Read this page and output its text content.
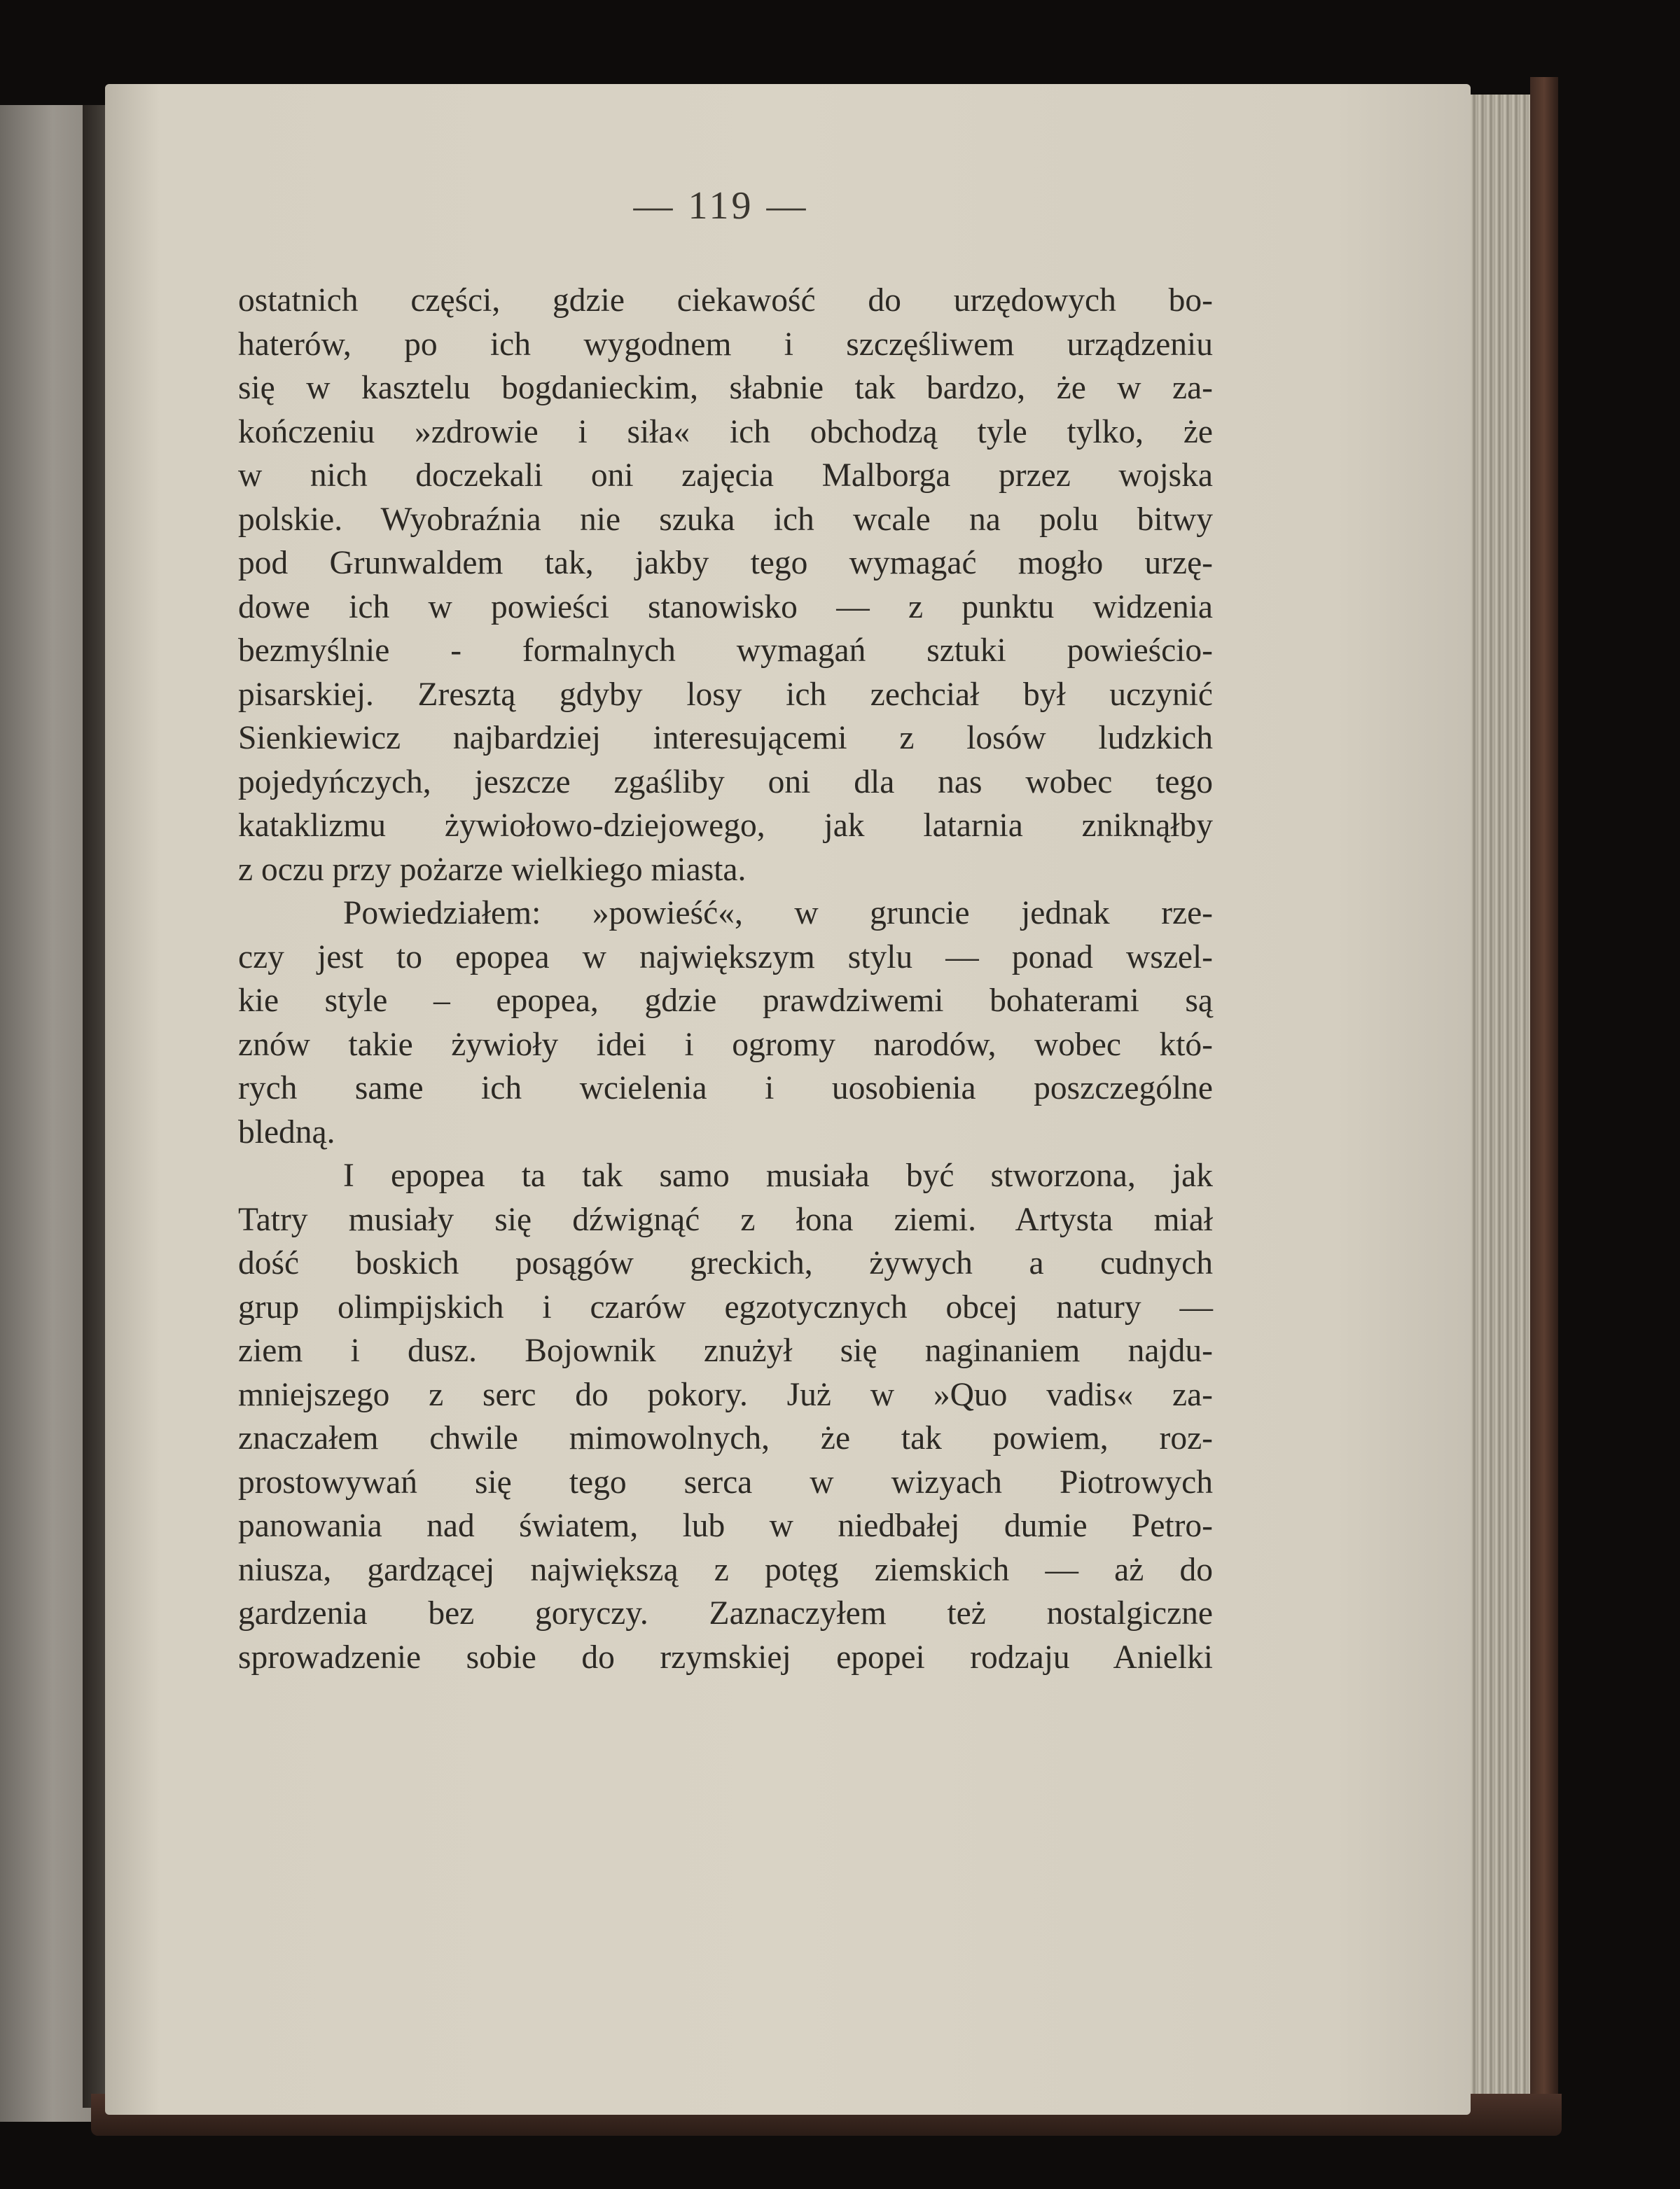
— 119 —
ostatnich części, gdzie ciekawość do urzędowych bo-
haterów, po ich wygodnem i szczęśliwem urządzeniu
się w kasztelu bogdanieckim, słabnie tak bardzo, że w za-
kończeniu »zdrowie i siła« ich obchodzą tyle tylko, że
w nich doczekali oni zajęcia Malborga przez wojska
polskie. Wyobraźnia nie szuka ich wcale na polu bitwy
pod Grunwaldem tak, jakby tego wymagać mogło urzę-
dowe ich w powieści stanowisko — z punktu widzenia
bezmyślnie - formalnych wymagań sztuki powieścio-
pisarskiej. Zresztą gdyby losy ich zechciał był uczynić
Sienkiewicz najbardziej interesującemi z losów ludzkich
pojedyńczych, jeszcze zgaśliby oni dla nas wobec tego
kataklizmu żywiołowo-dziejowego, jak latarnia zniknąłby
z oczu przy pożarze wielkiego miasta.
Powiedziałem: »powieść«, w gruncie jednak rze-
czy jest to epopea w największym stylu — ponad wszel-
kie style – epopea, gdzie prawdziwemi bohaterami są
znów takie żywioły idei i ogromy narodów, wobec któ-
rych same ich wcielenia i uosobienia poszczególne
bledną.
I epopea ta tak samo musiała być stworzona, jak
Tatry musiały się dźwignąć z łona ziemi. Artysta miał
dość boskich posągów greckich, żywych a cudnych
grup olimpijskich i czarów egzotycznych obcej natury —
ziem i dusz. Bojownik znużył się naginaniem najdu-
mniejszego z serc do pokory. Już w »Quo vadis« za-
znaczałem chwile mimowolnych, że tak powiem, roz-
prostowywań się tego serca w wizyach Piotrowych
panowania nad światem, lub w niedbałej dumie Petro-
niusza, gardzącej największą z potęg ziemskich — aż do
gardzenia bez goryczy. Zaznaczyłem też nostalgiczne
sprowadzenie sobie do rzymskiej epopei rodzaju Anielki
